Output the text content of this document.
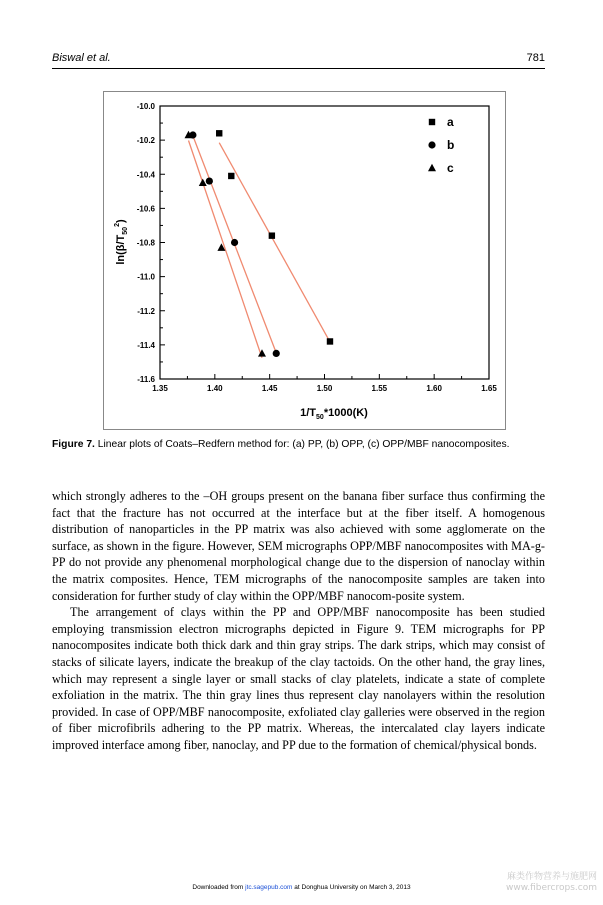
Biswal et al.	781
1.35	1.40	1.45	1.50	1.55	1.60	1.65
-10.0
-10.2
-10.4
-10.6
-10.8
-11.0
-11.2
-11.4
-11.6
a
b
c
$1/T_{50}*1000(K)$
$\ln(\beta/T_{50}^2)$
Figure 7. Linear plots of Coats–Redfern method for: (a) PP, (b) OPP, (c) OPP/MBF nanocomposites.

which strongly adheres to the –OH groups present on the banana fiber surface thus confirming the fact that the fracture has not occurred at the interface but at the fiber itself. A homogenous distribution of nanoparticles in the PP matrix was also achieved with some agglomerate on the surface, as shown in the figure. However, SEM micrographs OPP/MBF nanocomposites with MA-g-PP do not provide any phenomenal morphological change due to the dispersion of nanoclay within the matrix composites. Hence, TEM micrographs of the nanocomposite samples are taken into consideration for further study of clay within the OPP/MBF nanocom-posite system.

The arrangement of clays within the PP and OPP/MBF nanocomposite has been studied employing transmission electron micrographs depicted in Figure 9. TEM micrographs for PP nanocomposites indicate both thick dark and thin gray strips. The dark strips, which may consist of stacks of silicate layers, indicate the breakup of the clay tactoids. On the other hand, the gray lines, which may represent a single layer or small stacks of clay platelets, indicate a state of complete exfoliation in the matrix. The thin gray lines thus represent clay nanolayers within the resolution provided. In case of OPP/MBF nanocomposite, exfoliated clay galleries were observed in the region of fiber microfibrils adhering to the PP matrix. Whereas, the intercalated clay layers indicate improved interface among fiber, nanoclay, and PP due to the formation of chemical/physical bonds.

Downloaded from jtc.sagepub.com at Donghua University on March 3, 2013
麻类作物营养与施肥网
www.fibercrops.com
